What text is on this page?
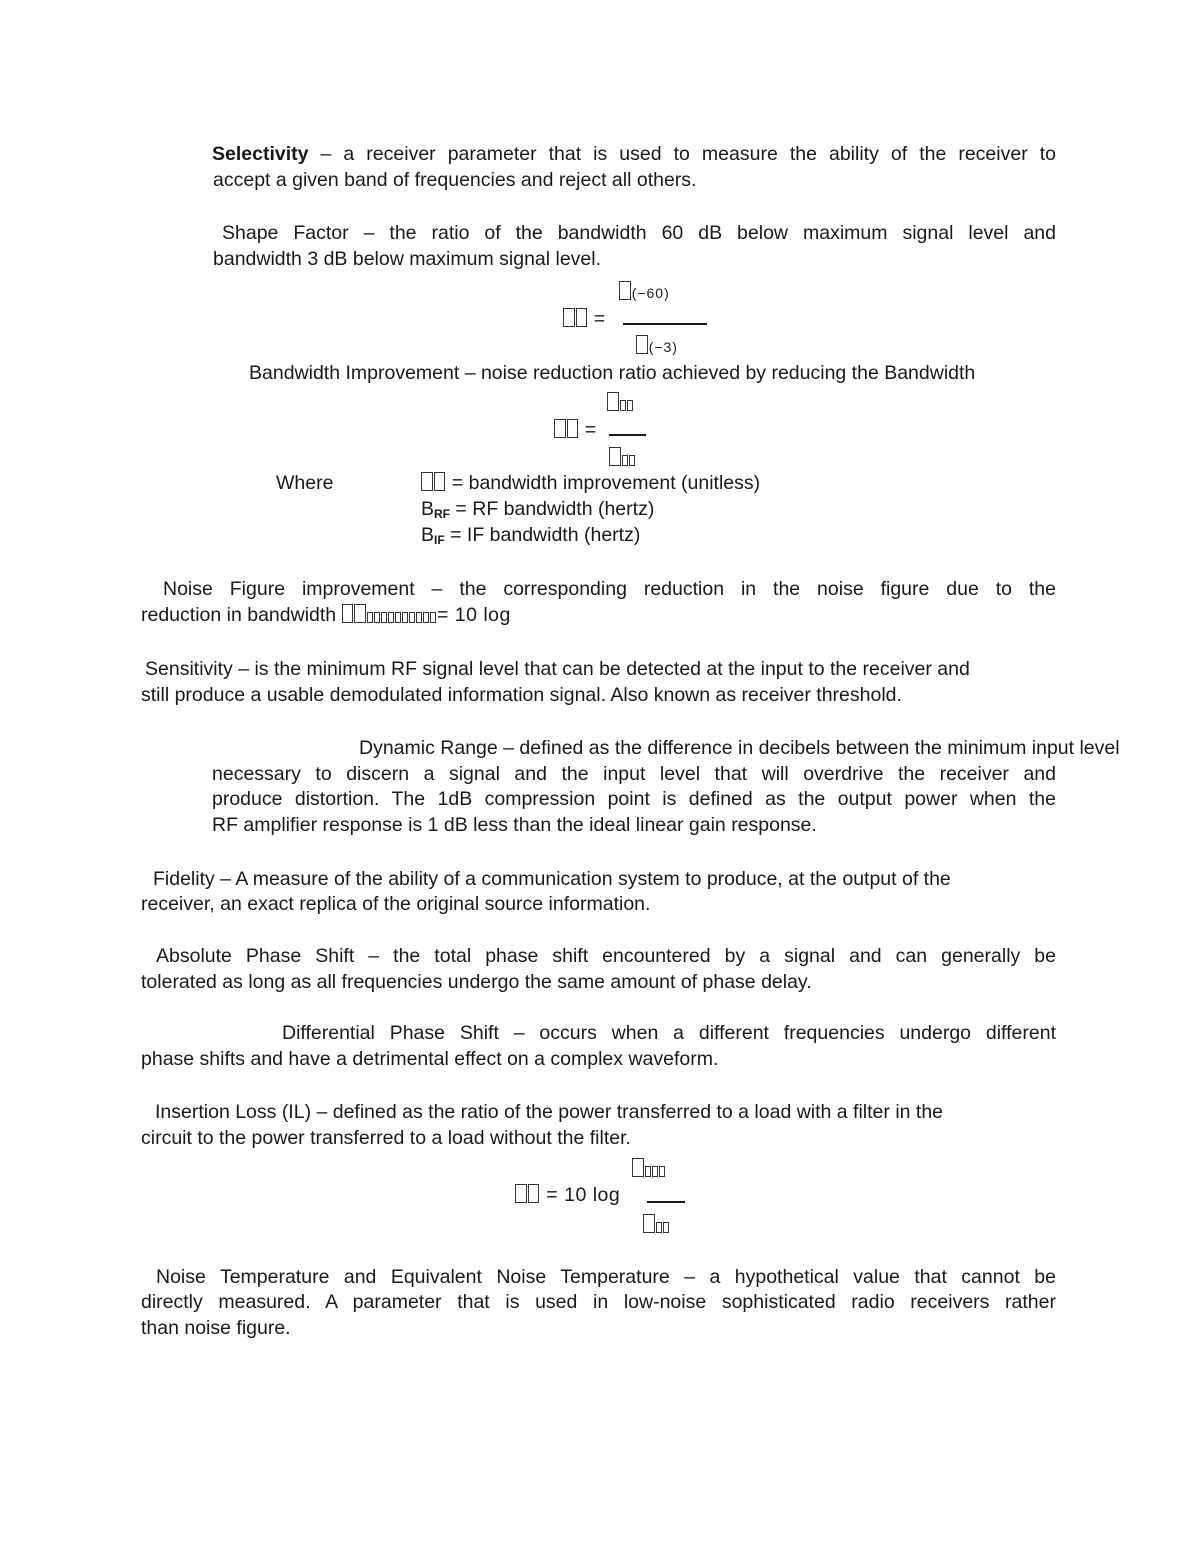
Selectivity – a receiver parameter that is used to measure the ability of the receiver to
accept a given band of frequencies and reject all others.
Shape Factor – the ratio of the bandwidth 60 dB below maximum signal level and
bandwidth 3 dB below maximum signal level.
(−60)
=
(−3)
Bandwidth Improvement – noise reduction ratio achieved by reducing the Bandwidth
=
Where	= bandwidth improvement (unitless)
$B_{RF}$ = RF bandwidth (hertz)
$B_{IF}$ = IF bandwidth (hertz)
Noise Figure improvement – the corresponding reduction in the noise figure due to the
reduction in bandwidth	= 10 log
Sensitivity – is the minimum RF signal level that can be detected at the input to the receiver and
still produce a usable demodulated information signal. Also known as receiver threshold.
Dynamic Range – defined as the difference in decibels between the minimum input level
necessary to discern a signal and the input level that will overdrive the receiver and
produce distortion. The 1dB compression point is defined as the output power when the
RF amplifier response is 1 dB less than the ideal linear gain response.
Fidelity – A measure of the ability of a communication system to produce, at the output of the
receiver, an exact replica of the original source information.
Absolute Phase Shift – the total phase shift encountered by a signal and can generally be
tolerated as long as all frequencies undergo the same amount of phase delay.
Differential Phase Shift – occurs when a different frequencies undergo different
phase shifts and have a detrimental effect on a complex waveform.
Insertion Loss (IL) – defined as the ratio of the power transferred to a load with a filter in the
circuit to the power transferred to a load without the filter.
= 10 log
Noise Temperature and Equivalent Noise Temperature – a hypothetical value that cannot be
directly measured. A parameter that is used in low-noise sophisticated radio receivers rather
than noise figure.
